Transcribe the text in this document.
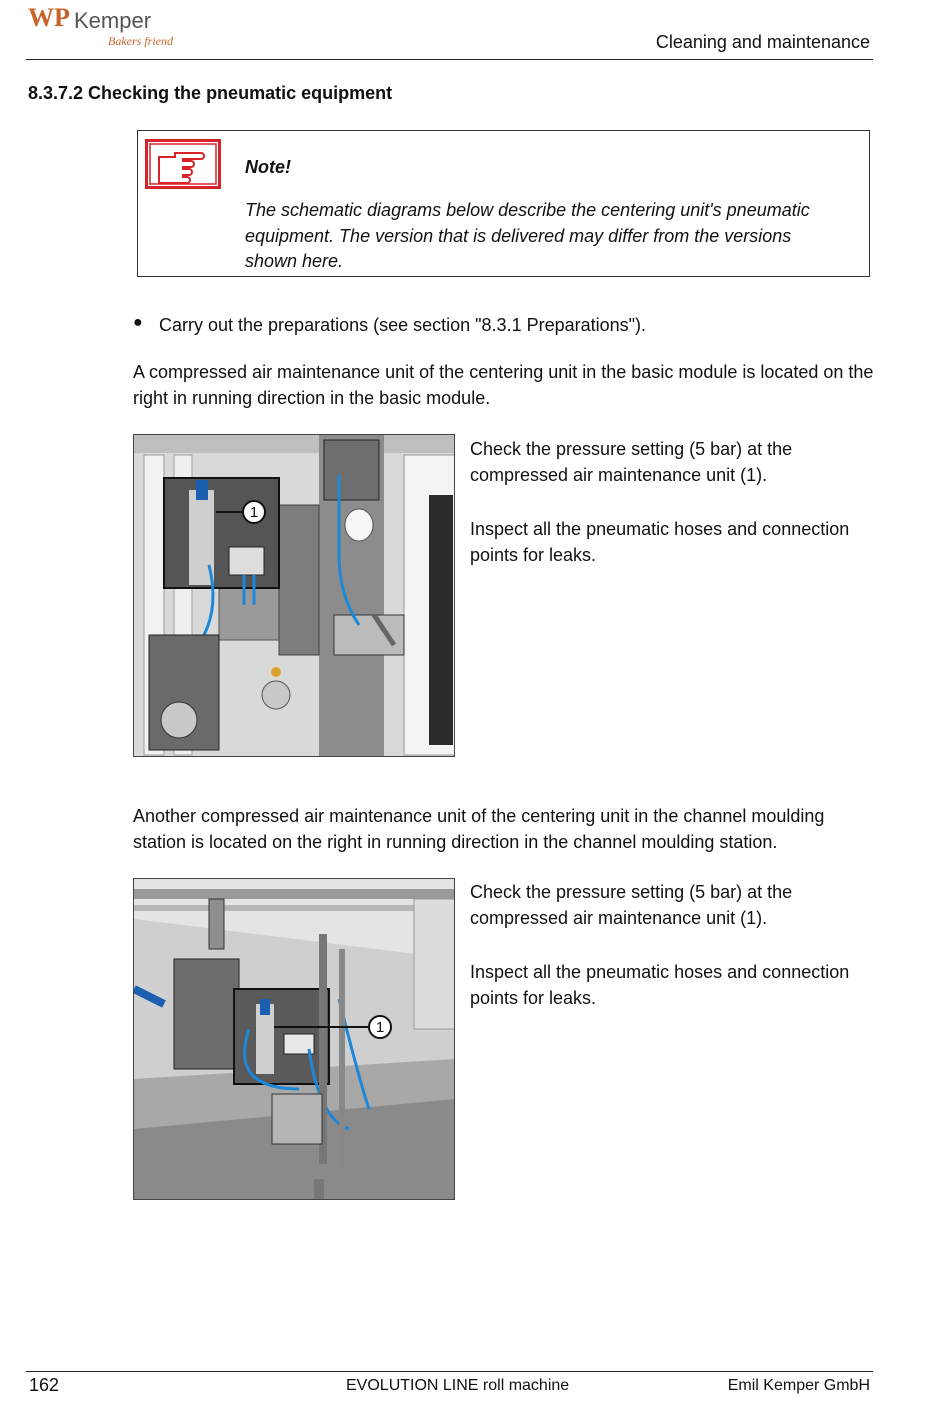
WP Kemper
Bakers friend	Cleaning and maintenance
8.3.7.2 Checking the pneumatic equipment
Note!
The schematic diagrams below describe the centering unit's pneumatic equipment. The version that is delivered may differ from the versions shown here.
● Carry out the preparations (see section "8.3.1 Preparations").
A compressed air maintenance unit of the centering unit in the basic module is located on the right in running direction in the basic module.
1
Check the pressure setting (5 bar) at the compressed air maintenance unit (1).
Inspect all the pneumatic hoses and connection points for leaks.
Another compressed air maintenance unit of the centering unit in the channel moulding station is located on the right in running direction in the channel moulding station.
1
Check the pressure setting (5 bar) at the compressed air maintenance unit (1).
Inspect all the pneumatic hoses and connection points for leaks.
162	EVOLUTION LINE roll machine	Emil Kemper GmbH
